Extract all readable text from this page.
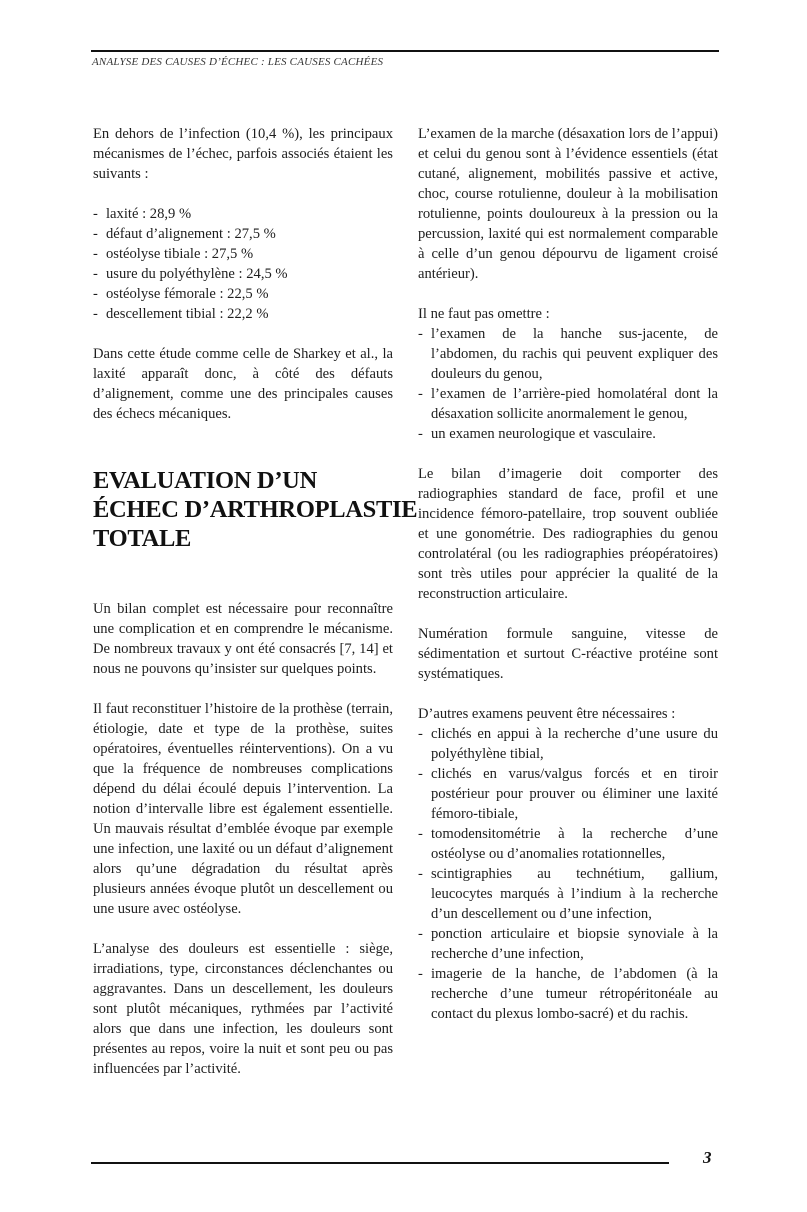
ANALYSE DES CAUSES D’ÉCHEC : LES CAUSES CACHÉES

En dehors de l’infection (10,4 %), les principaux mécanismes de l’échec, parfois associés étaient les suivants :

- laxité : 28,9 %
- défaut d’alignement : 27,5 %
- ostéolyse tibiale : 27,5 %
- usure du polyéthylène : 24,5 %
- ostéolyse fémorale : 22,5 %
- descellement tibial : 22,2 %

Dans cette étude comme celle de Sharkey et al., la laxité apparaît donc, à côté des défauts d’alignement, comme une des principales causes des échecs mécaniques.

EVALUATION D’UN
ÉCHEC D’ARTHROPLASTIE
TOTALE

Un bilan complet est nécessaire pour reconnaître une complication et en comprendre le mécanisme. De nombreux travaux y ont été consacrés [7, 14] et nous ne pouvons qu’insister sur quelques points.

Il faut reconstituer l’histoire de la prothèse (terrain, étiologie, date et type de la prothèse, suites opératoires, éventuelles réinterventions). On a vu que la fréquence de nombreuses complications dépend du délai écoulé depuis l’intervention. La notion d’intervalle libre est également essentielle. Un mauvais résultat d’emblée évoque par exemple une infection, une laxité ou un défaut d’alignement alors qu’une dégradation du résultat après plusieurs années évoque plutôt un descellement ou une usure avec ostéolyse.

L’analyse des douleurs est essentielle : siège, irradiations, type, circonstances déclenchantes ou aggravantes. Dans un descellement, les douleurs sont plutôt mécaniques, rythmées par l’activité alors que dans une infection, les douleurs sont présentes au repos, voire la nuit et sont peu ou pas influencées par l’activité.

L’examen de la marche (désaxation lors de l’appui) et celui du genou sont à l’évidence essentiels (état cutané, alignement, mobilités passive et active, choc, course rotulienne, douleur à la mobilisation rotulienne, points douloureux à la pression ou la percussion, laxité qui est normalement comparable à celle d’un genou dépourvu de ligament croisé antérieur).

Il ne faut pas omettre :

- l’examen de la hanche sus-jacente, de l’abdomen, du rachis qui peuvent expliquer des douleurs du genou,
- l’examen de l’arrière-pied homolatéral dont la désaxation sollicite anormalement le genou,
- un examen neurologique et vasculaire.

Le bilan d’imagerie doit comporter des radiographies standard de face, profil et une incidence fémoro-patellaire, trop souvent oubliée et une gonométrie. Des radiographies du genou controlatéral (ou les radiographies préopératoires) sont très utiles pour apprécier la qualité de la reconstruction articulaire.

Numération formule sanguine, vitesse de sédimentation et surtout C-réactive protéine sont systématiques.

D’autres examens peuvent être nécessaires :

- clichés en appui à la recherche d’une usure du polyéthylène tibial,
- clichés en varus/valgus forcés et en tiroir postérieur pour prouver ou éliminer une laxité fémoro-tibiale,
- tomodensitométrie à la recherche d’une ostéolyse ou d’anomalies rotationnelles,
- scintigraphies au technétium, gallium, leucocytes marqués à l’indium à la recherche d’un descellement ou d’une infection,
- ponction articulaire et biopsie synoviale à la recherche d’une infection,
- imagerie de la hanche, de l’abdomen (à la recherche d’une tumeur rétropéritonéale au contact du plexus lombo-sacré) et du rachis.
3
